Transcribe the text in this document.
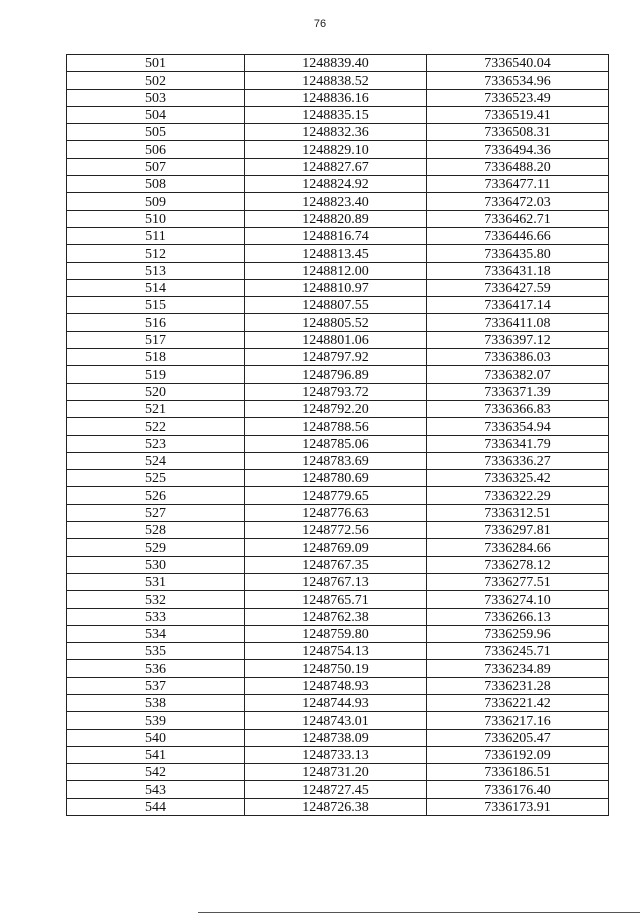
76
501	1248839.40	7336540.04
502	1248838.52	7336534.96
503	1248836.16	7336523.49
504	1248835.15	7336519.41
505	1248832.36	7336508.31
506	1248829.10	7336494.36
507	1248827.67	7336488.20
508	1248824.92	7336477.11
509	1248823.40	7336472.03
510	1248820.89	7336462.71
511	1248816.74	7336446.66
512	1248813.45	7336435.80
513	1248812.00	7336431.18
514	1248810.97	7336427.59
515	1248807.55	7336417.14
516	1248805.52	7336411.08
517	1248801.06	7336397.12
518	1248797.92	7336386.03
519	1248796.89	7336382.07
520	1248793.72	7336371.39
521	1248792.20	7336366.83
522	1248788.56	7336354.94
523	1248785.06	7336341.79
524	1248783.69	7336336.27
525	1248780.69	7336325.42
526	1248779.65	7336322.29
527	1248776.63	7336312.51
528	1248772.56	7336297.81
529	1248769.09	7336284.66
530	1248767.35	7336278.12
531	1248767.13	7336277.51
532	1248765.71	7336274.10
533	1248762.38	7336266.13
534	1248759.80	7336259.96
535	1248754.13	7336245.71
536	1248750.19	7336234.89
537	1248748.93	7336231.28
538	1248744.93	7336221.42
539	1248743.01	7336217.16
540	1248738.09	7336205.47
541	1248733.13	7336192.09
542	1248731.20	7336186.51
543	1248727.45	7336176.40
544	1248726.38	7336173.91
